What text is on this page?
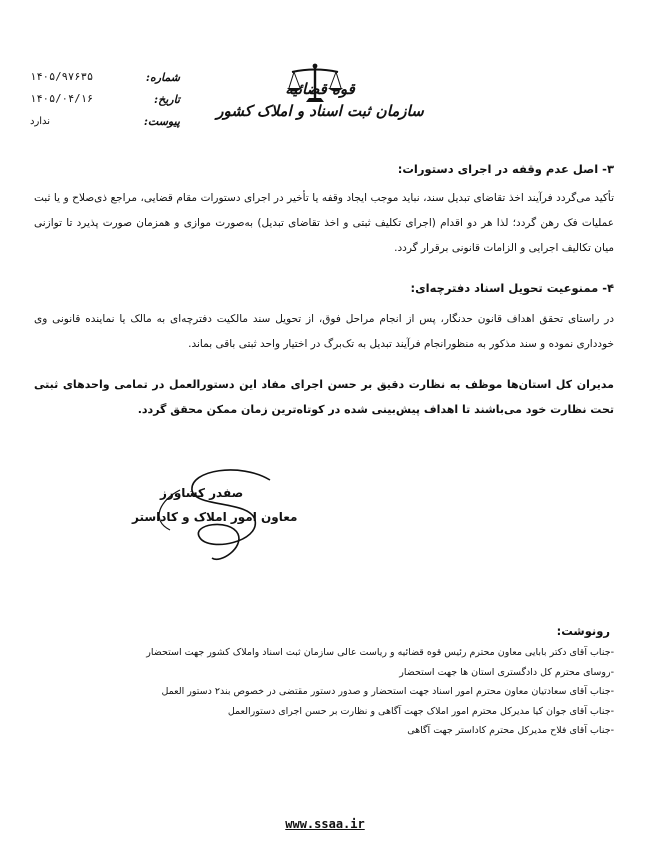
قوه قضائیه
سازمان ثبت اسناد و املاک کشور
۱۴۰۵/۹۷۶۳۵	شماره:
۱۴۰۵/۰۴/۱۶	تاریخ:
ندارد	پیوست:
۳- اصل عدم وقفه در اجرای دستورات:
تأکید می‌گردد فرآیند اخذ تقاضای تبدیل سند، نباید موجب ایجاد وقفه یا تأخیر در اجرای دستورات مقام قضایی، مراجع ذی‌صلاح و یا ثبت عملیات فک رهن گردد؛ لذا هر دو اقدام (اجرای تکلیف ثبتی و اخذ تقاضای تبدیل) به‌صورت موازی و همزمان صورت پذیرد تا توازنی میان تکالیف اجرایی و الزامات قانونی برقرار گردد.
۴- ممنوعیت تحویل اسناد دفترچه‌ای:
در راستای تحقق اهداف قانون حدنگار، پس از انجام مراحل فوق، از تحویل سند مالکیت دفترچه‌ای به مالک یا نماینده قانونی وی خودداری نموده و سند مذکور به منظورانجام فرآیند تبدیل به تک‌برگ در اختیار واحد ثبتی باقی بماند.
مدیران کل استان‌ها موظف به نظارت دقیق بر حسن اجرای مفاد این دستورالعمل در تمامی واحدهای ثبتی تحت نظارت خود می‌باشند تا اهداف پیش‌بینی شده در کوتاه‌ترین زمان ممکن محقق گردد.
صفدر کشاورز
معاون امور املاک و کاداستر
رونوشت:
-جناب آقای دکتر بابایی معاون محترم رئیس قوه قضائیه و ریاست عالی سازمان ثبت اسناد واملاک کشور جهت استحضار
-روسای محترم کل دادگستری استان ها جهت استحضار
-جناب آقای سعادتیان معاون محترم امور اسناد جهت استحضار و صدور دستور مقتضی در خصوص بند۲ دستور العمل
-جناب آقای جوان کیا مدیرکل محترم امور املاک جهت آگاهی و نظارت بر حسن اجرای دستورالعمل
-جناب آقای فلاح مدیرکل محترم کاداستر جهت آگاهی
www.ssaa.ir
